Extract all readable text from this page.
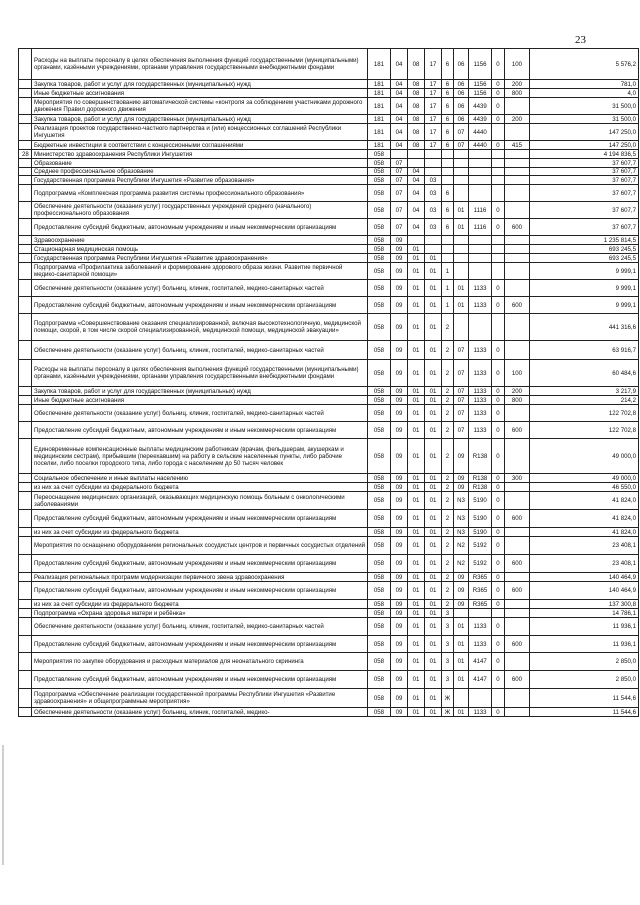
23
	Расходы на выплаты персоналу в целях обеспечения выполнения функций государственными (муниципальными) органами, казёнными учреждениями, органами управления государственными внебюджетными фондами	181	04	08	17	6	06	1156	0	100	5 576,2
	Закупка товаров, работ и услуг для государственных (муниципальных) нужд	181	04	08	17	6	06	1156	0	200	781,0
	Иные бюджетные ассигнования	181	04	08	17	6	06	1156	0	800	4,0
	Мероприятия по совершенствованию автоматической системы «контроля за соблюдением участниками дорожного движения Правил дорожного движения	181	04	08	17	6	06	4439	0		31 500,0
	Закупка товаров, работ и услуг для государственных (муниципальных) нужд	181	04	08	17	6	06	4439	0	200	31 500,0
	Реализация проектов государственно-частного партнерства и (или) концессионных соглашений Республики Ингушетия	181	04	08	17	6	07	4440			147 250,0
	Бюджетные инвестиции в соответствии с концессионными соглашениями	181	04	08	17	6	07	4440	0	415	147 250,0
28	Министерство здравоохранения Республики Ингушетия	058									4 194 836,5
	Образование	058	07								37 607,7
	Среднее профессиональное образование	058	07	04							37 607,7
	Государственная программа Республики Ингушетия «Развитие образования»	058	07	04	03						37 607,7
	Подпрограмма «Комплексная программа развития системы профессионального образования»	058	07	04	03	6					37 607,7
	Обеспечение деятельности (оказания услуг) государственных учреждений среднего (начального) профессионального образования	058	07	04	03	6	01	1116	0		37 607,7
	Предоставление субсидий бюджетным, автономным учреждениям и иным некоммерческим организациям	058	07	04	03	6	01	1116	0	600	37 607,7
	Здравоохранение	058	09								1 235 814,5
	Стационарная медицинская помощь	058	09	01							693 245,5
	Государственная программа Республики Ингушетия «Развитие здравоохранения»	058	09	01	01						693 245,5
	Подпрограмма «Профилактика заболеваний и формирование здорового образа жизни. Развитие первичной медико-санитарной помощи»	058	09	01	01	1					9 999,1
	Обеспечение деятельности (оказание услуг) больниц, клиник, госпиталей, медико-санитарных частей	058	09	01	01	1	01	1133	0		9 999,1
	Предоставление субсидий бюджетным, автономным учреждениям и иным некоммерческим организациям	058	09	01	01	1	01	1133	0	600	9 999,1
	Подпрограмма «Совершенствование оказания специализированной, включая высокотехнологичную, медицинской помощи, скорой, в том числе скорой специализированной, медицинской помощи, медицинской эвакуации»	058	09	01	01	2					441 316,6
	Обеспечение деятельности (оказание услуг) больниц, клиник, госпиталей, медико-санитарных частей	058	09	01	01	2	07	1133	0		63 916,7
	Расходы на выплаты персоналу в целях обеспечения выполнения функций государственными (муниципальными) органами, казёнными учреждениями, органами управления государственными внебюджетными фондами	058	09	01	01	2	07	1133	0	100	60 484,6
	Закупка товаров, работ и услуг для государственных (муниципальных) нужд	058	09	01	01	2	07	1133	0	200	3 217,9
	Иные бюджетные ассигнования	058	09	01	01	2	07	1133	0	800	214,2
	Обеспечение деятельности (оказание услуг) больниц, клиник, госпиталей, медико-санитарных частей	058	09	01	01	2	07	1133	0		122 702,8
	Предоставление субсидий бюджетным, автономным учреждениям и иным некоммерческим организациям	058	09	01	01	2	07	1133	0	600	122 702,8
	Единовременные компенсационные выплаты медицинским работникам (врачам, фельдшерам, акушеркам и медицинским сестрам), прибывшим (переехавшим) на работу в сельские населенные пункты, либо рабочие поселки, либо поселки городского типа, либо города с населением до 50 тысяч человек	058	09	01	01	2	09	R138	0		49 000,0
	Социальное обеспечение и иные выплаты населению	058	09	01	01	2	09	R138	0	300	49 000,0
	из них за счет субсидии из федерального бюджета	058	09	01	01	2	09	R138	0		46 550,0
	Переоснащение медицинских организаций, оказывающих медицинскую помощь больным с онкологическими заболеваниями	058	09	01	01	2	N3	5190	0		41 824,0
	Предоставление субсидий бюджетным, автономным учреждениям и иным некоммерческим организациям	058	09	01	01	2	N3	5190	0	600	41 824,0
	из них за счет субсидии из федерального бюджета	058	09	01	01	2	N3	5190	0		41 824,0
	Мероприятия по оснащению оборудованием региональных сосудистых центров и первичных сосудистых отделений	058	09	01	01	2	N2	5192	0		23 408,1
	Предоставление субсидий бюджетным, автономным учреждениям и иным некоммерческим организациям	058	09	01	01	2	N2	5192	0	600	23 408,1
	Реализация региональных программ модернизации первичного звена здравоохранения	058	09	01	01	2	09	R365	0		140 464,9
	Предоставление субсидий бюджетным, автономным учреждениям и иным некоммерческим организациям	058	09	01	01	2	09	R365	0	600	140 464,9
	из них за счет субсидии из федерального бюджета	058	09	01	01	2	09	R365	0		137 300,8
	Подпрограмма «Охрана здоровья матери и ребёнка»	058	09	01	01	3					14 786,1
	Обеспечение деятельности (оказание услуг) больниц, клиник, госпиталей, медико-санитарных частей	058	09	01	01	3	01	1133	0		11 936,1
	Предоставление субсидий бюджетным, автономным учреждениям и иным некоммерческим организациям	058	09	01	01	3	01	1133	0	600	11 936,1
	Мероприятия по закупке оборудования и расходных материалов для неонатального скрининга	058	09	01	01	3	01	4147	0		2 850,0
	Предоставление субсидий бюджетным, автономным учреждениям и иным некоммерческим организациям	058	09	01	01	3	01	4147	0	600	2 850,0
	Подпрограмма «Обеспечение реализации государственной программы Республики Ингушетия «Развитие здравоохранения» и общепрограммные мероприятия»	058	09	01	01	Ж					11 544,6
	Обеспечение деятельности (оказание услуг) больниц, клиник, госпиталей, медико-	058	09	01	01	Ж	01	1133	0		11 544,6
